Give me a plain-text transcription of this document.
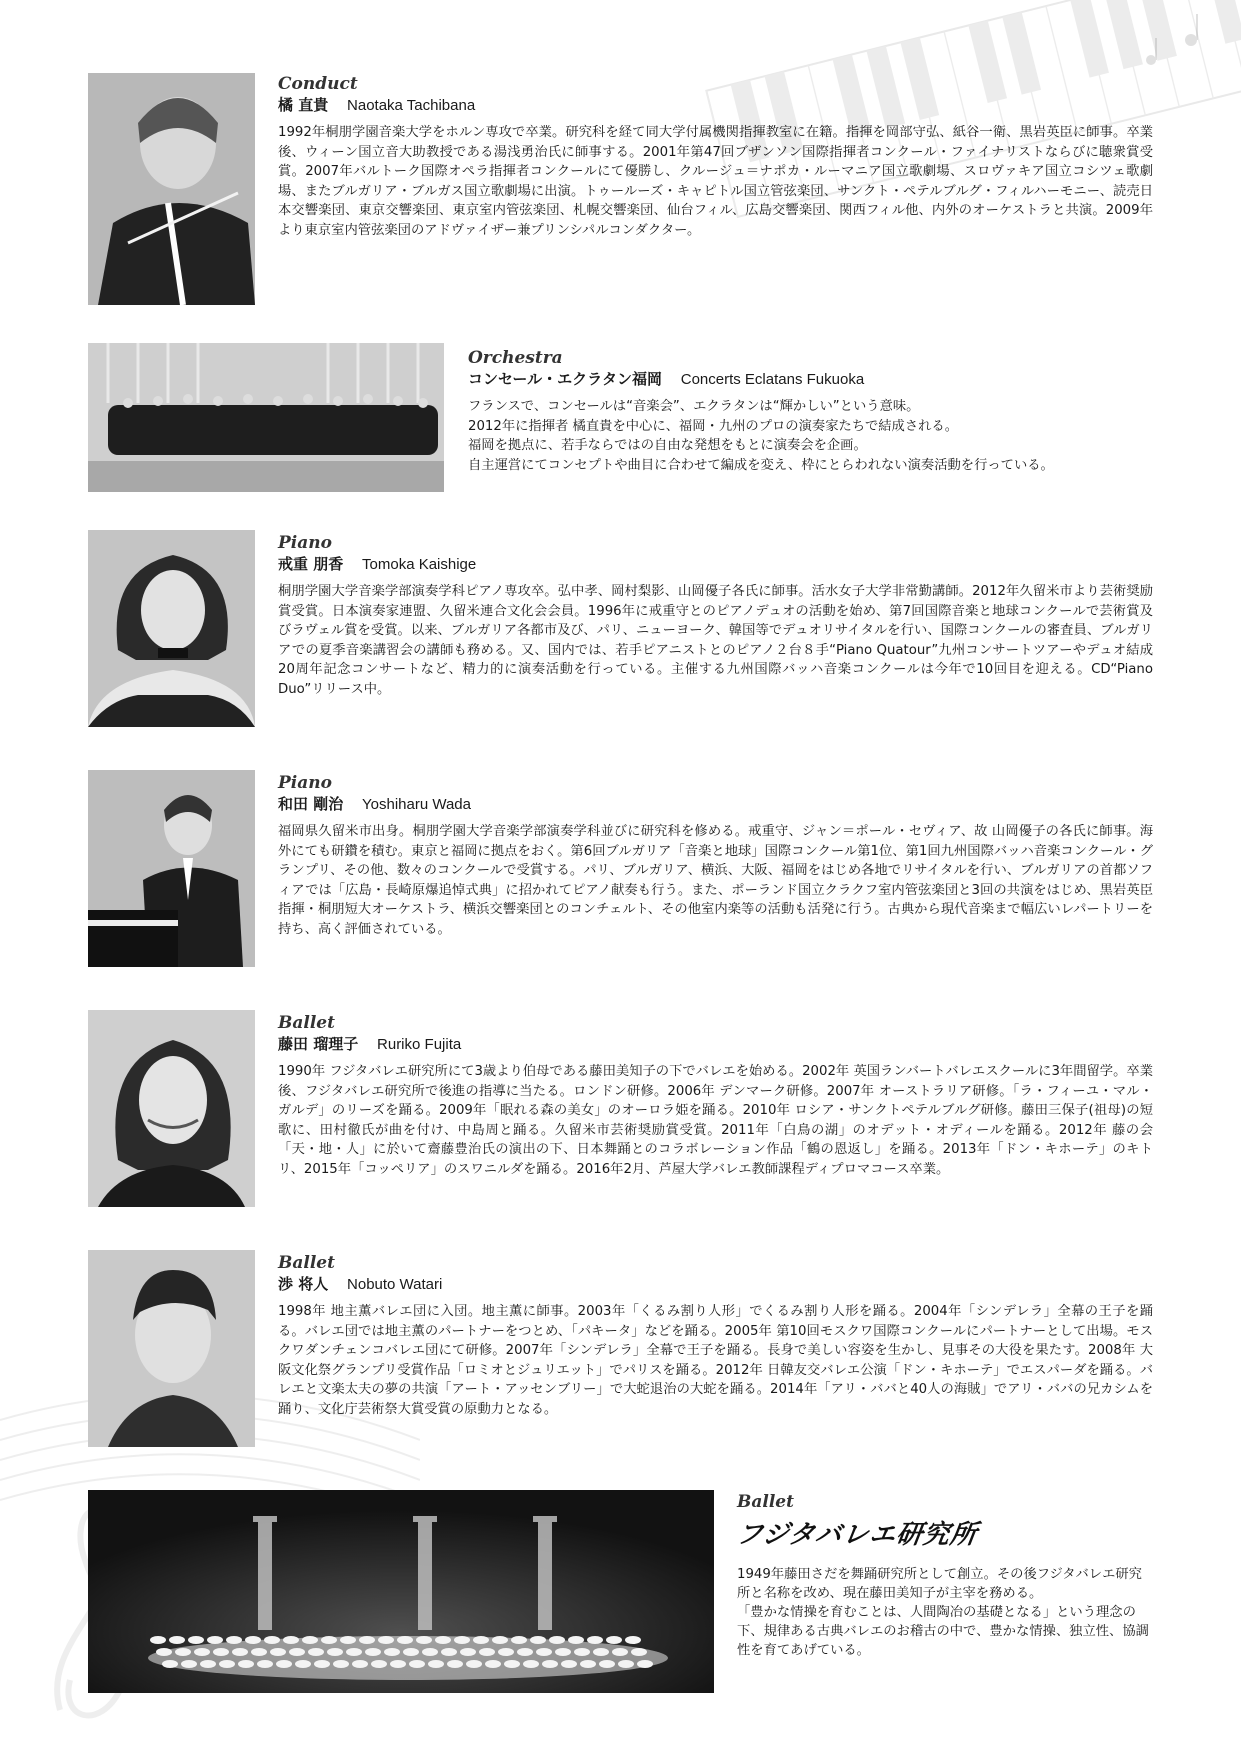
Conduct
橘 直貴 Naotaka Tachibana
1992年桐朋学園音楽大学をホルン専攻で卒業。研究科を経て同大学付属機関指揮教室に在籍。指揮を岡部守弘、紙谷一衛、黒岩英臣に師事。卒業後、ウィーン国立音大助教授である湯浅勇治氏に師事する。2001年第47回ブザンソン国際指揮者コンクール・ファイナリストならびに聴衆賞受賞。2007年バルトーク国際オペラ指揮者コンクールにて優勝し、クルージュ＝ナポカ・ルーマニア国立歌劇場、スロヴァキア国立コシツェ歌劇場、またブルガリア・ブルガス国立歌劇場に出演。トゥールーズ・キャピトル国立管弦楽団、サンクト・ペテルブルグ・フィルハーモニー、読売日本交響楽団、東京交響楽団、東京室内管弦楽団、札幌交響楽団、仙台フィル、広島交響楽団、関西フィル他、内外のオーケストラと共演。2009年より東京室内管弦楽団のアドヴァイザー兼プリンシパルコンダクター。
Orchestra
コンセール・エクラタン福岡 Concerts Eclatans Fukuoka
フランスで、コンセールは“音楽会”、エクラタンは“輝かしい”という意味。
2012年に指揮者 橘直貴を中心に、福岡・九州のプロの演奏家たちで結成される。
福岡を拠点に、若手ならではの自由な発想をもとに演奏会を企画。
自主運営にてコンセプトや曲目に合わせて編成を変え、枠にとらわれない演奏活動を行っている。
Piano
戒重 朋香 Tomoka Kaishige
桐朋学園大学音楽学部演奏学科ピアノ専攻卒。弘中孝、岡村梨影、山岡優子各氏に師事。活水女子大学非常勤講師。2012年久留米市より芸術奨励賞受賞。日本演奏家連盟、久留米連合文化会会員。1996年に戒重守とのピアノデュオの活動を始め、第7回国際音楽と地球コンクールで芸術賞及びラヴェル賞を受賞。以来、ブルガリア各都市及び、パリ、ニューヨーク、韓国等でデュオリサイタルを行い、国際コンクールの審査員、ブルガリアでの夏季音楽講習会の講師も務める。又、国内では、若手ピアニストとのピアノ２台８手“Piano Quatour”九州コンサートツアーやデュオ結成20周年記念コンサートなど、精力的に演奏活動を行っている。主催する九州国際バッハ音楽コンクールは今年で10回目を迎える。CD“Piano Duo”リリース中。
Piano
和田 剛治 Yoshiharu Wada
福岡県久留米市出身。桐朋学園大学音楽学部演奏学科並びに研究科を修める。戒重守、ジャン＝ポール・セヴィア、故 山岡優子の各氏に師事。海外にても研鑽を積む。東京と福岡に拠点をおく。第6回ブルガリア「音楽と地球」国際コンクール第1位、第1回九州国際バッハ音楽コンクール・グランプリ、その他、数々のコンクールで受賞する。パリ、ブルガリア、横浜、大阪、福岡をはじめ各地でリサイタルを行い、ブルガリアの首都ソフィアでは「広島・長崎原爆追悼式典」に招かれてピアノ献奏も行う。また、ポーランド国立クラクフ室内管弦楽団と3回の共演をはじめ、黒岩英臣指揮・桐朋短大オーケストラ、横浜交響楽団とのコンチェルト、その他室内楽等の活動も活発に行う。古典から現代音楽まで幅広いレパートリーを持ち、高く評価されている。
Ballet
藤田 瑠理子 Ruriko Fujita
1990年 フジタバレエ研究所にて3歳より伯母である藤田美知子の下でバレエを始める。2002年 英国ランバートバレエスクールに3年間留学。卒業後、フジタバレエ研究所で後進の指導に当たる。ロンドン研修。2006年 デンマーク研修。2007年 オーストラリア研修。「ラ・フィーユ・マル・ガルデ」のリーズを踊る。2009年「眠れる森の美女」のオーロラ姫を踊る。2010年 ロシア・サンクトペテルブルグ研修。藤田三保子(祖母)の短歌に、田村徹氏が曲を付け、中島周と踊る。久留米市芸術奨励賞受賞。2011年「白鳥の湖」のオデット・オディールを踊る。2012年 藤の会「天・地・人」に於いて齋藤豊治氏の演出の下、日本舞踊とのコラボレーション作品「鶴の恩返し」を踊る。2013年「ドン・キホーテ」のキトリ、2015年「コッペリア」のスワニルダを踊る。2016年2月、芦屋大学バレエ教師課程ディプロマコース卒業。
Ballet
渉 将人 Nobuto Watari
1998年 地主薫バレエ団に入団。地主薫に師事。2003年「くるみ割り人形」でくるみ割り人形を踊る。2004年「シンデレラ」全幕の王子を踊る。バレエ団では地主薫のパートナーをつとめ、「パキータ」などを踊る。2005年 第10回モスクワ国際コンクールにパートナーとして出場。モスクワダンチェンコバレエ団にて研修。2007年「シンデレラ」全幕で王子を踊る。長身で美しい容姿を生かし、見事その大役を果たす。2008年 大阪文化祭グランプリ受賞作品「ロミオとジュリエット」でパリスを踊る。2012年 日韓友交バレエ公演「ドン・キホーテ」でエスパーダを踊る。バレエと文楽太夫の夢の共演「アート・アッセンブリー」で大蛇退治の大蛇を踊る。2014年「アリ・ババと40人の海賊」でアリ・ババの兄カシムを踊り、文化庁芸術祭大賞受賞の原動力となる。
Ballet
フジタバレエ研究所
1949年藤田さだを舞踊研究所として創立。その後フジタバレエ研究所と名称を改め、現在藤田美知子が主宰を務める。
「豊かな情操を育むことは、人間陶冶の基礎となる」という理念の下、規律ある古典バレエのお稽古の中で、豊かな情操、独立性、協調性を育てあげている。
